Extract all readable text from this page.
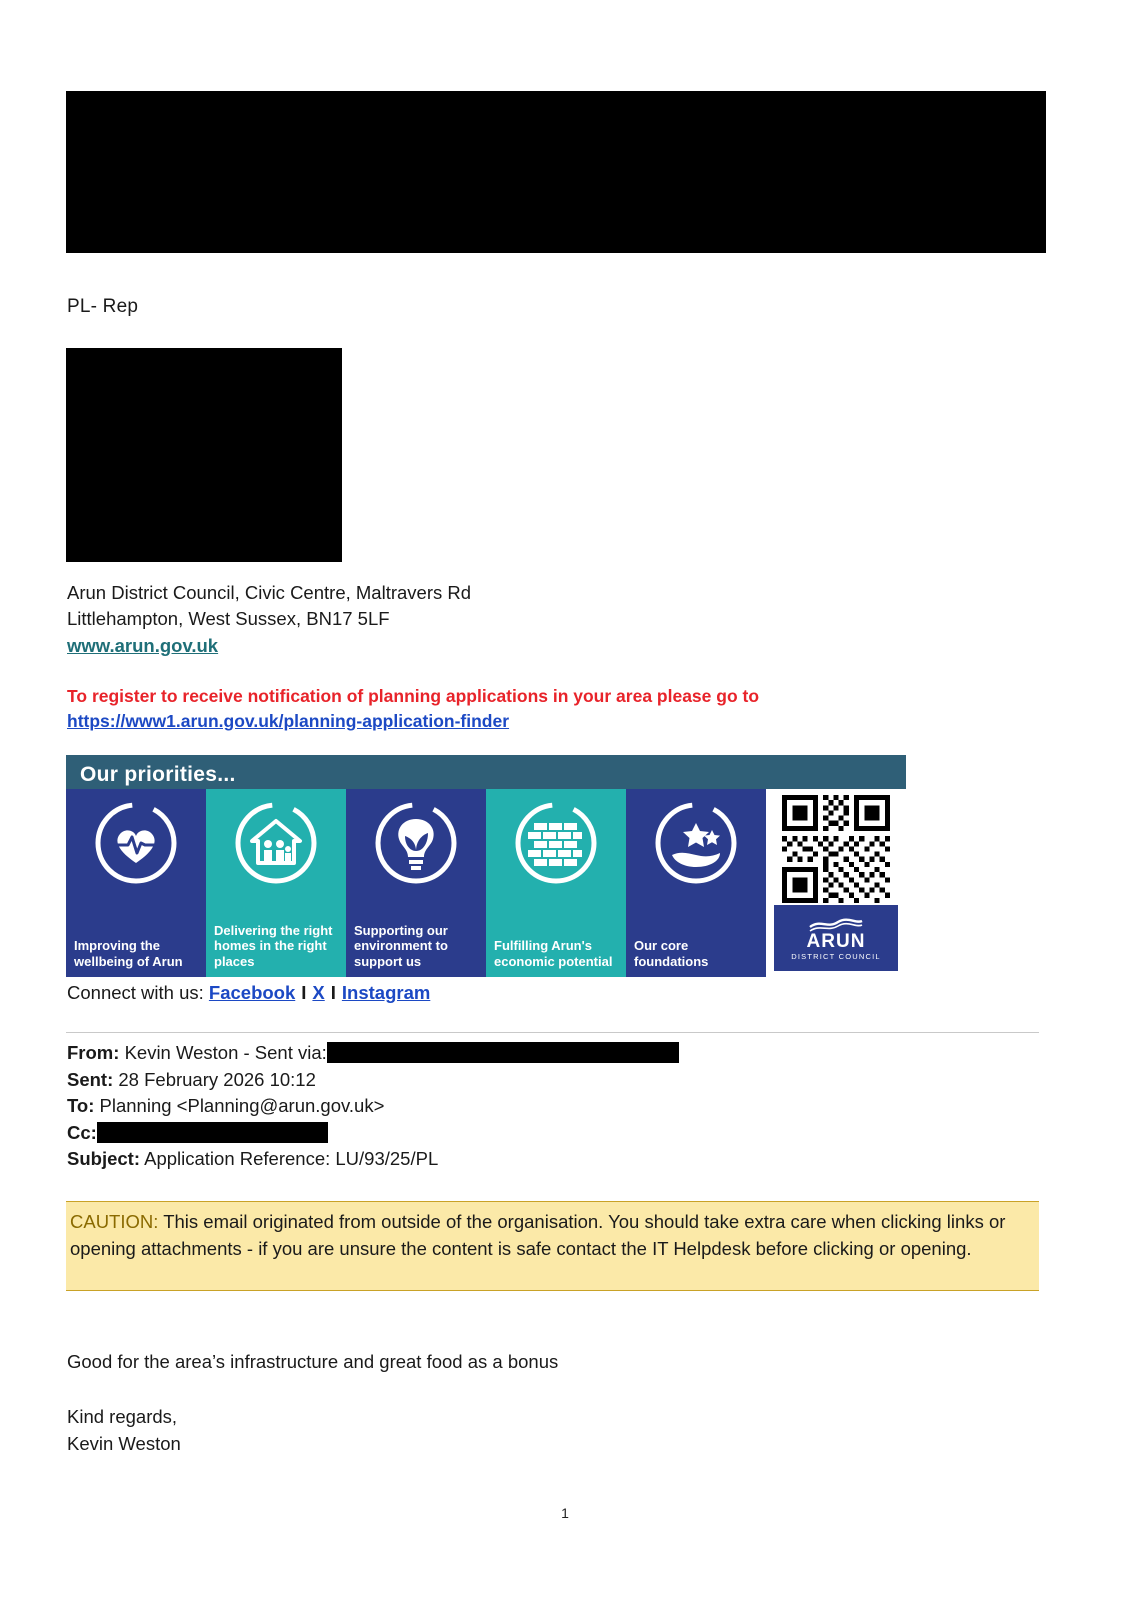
PL- Rep
Arun District Council, Civic Centre, Maltravers Rd
Littlehampton, West Sussex, BN17 5LF
www.arun.gov.uk
To register to receive notification of planning applications in your area please go to
https://www1.arun.gov.uk/planning-application-finder
Our priorities...
Improving the wellbeing of Arun
Delivering the right homes in the right places
Supporting our environment to support us
Fulfilling Arun's economic potential
Our core foundations
ARUN
DISTRICT COUNCIL
Connect with us: Facebook I X I Instagram
From: Kevin Weston - Sent via:
Sent: 28 February 2026 10:12
To: Planning <Planning@arun.gov.uk>
Cc:
Subject: Application Reference: LU/93/25/PL
CAUTION: This email originated from outside of the organisation. You should take extra care when clicking links or opening attachments - if you are unsure the content is safe contact the IT Helpdesk before clicking or opening.
Good for the area’s infrastructure and great food as a bonus
Kind regards,
Kevin Weston
1
